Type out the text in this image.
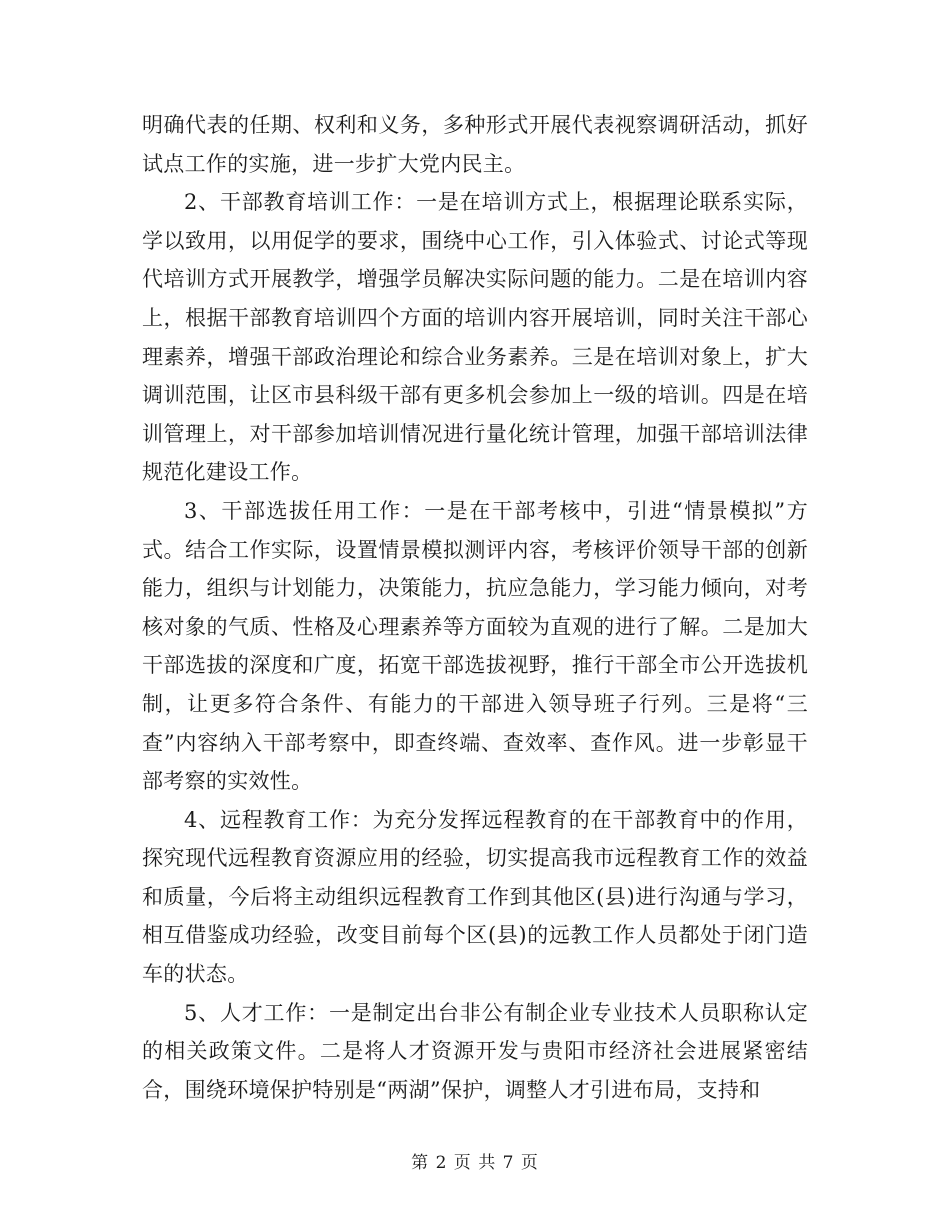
明确代表的任期、权利和义务，多种形式开展代表视察调研活动，抓好试点工作的实施，进一步扩大党内民主。

2、干部教育培训工作：一是在培训方式上，根据理论联系实际，学以致用，以用促学的要求，围绕中心工作，引入体验式、讨论式等现代培训方式开展教学，增强学员解决实际问题的能力。二是在培训内容上，根据干部教育培训四个方面的培训内容开展培训，同时关注干部心理素养，增强干部政治理论和综合业务素养。三是在培训对象上，扩大调训范围，让区市县科级干部有更多机会参加上一级的培训。四是在培训管理上，对干部参加培训情况进行量化统计管理，加强干部培训法律规范化建设工作。

3、干部选拔任用工作：一是在干部考核中，引进“情景模拟”方式。结合工作实际，设置情景模拟测评内容，考核评价领导干部的创新能力，组织与计划能力，决策能力，抗应急能力，学习能力倾向，对考核对象的气质、性格及心理素养等方面较为直观的进行了解。二是加大干部选拔的深度和广度，拓宽干部选拔视野，推行干部全市公开选拔机制，让更多符合条件、有能力的干部进入领导班子行列。三是将“三查”内容纳入干部考察中，即查终端、查效率、查作风。进一步彰显干部考察的实效性。

4、远程教育工作：为充分发挥远程教育的在干部教育中的作用，探究现代远程教育资源应用的经验，切实提高我市远程教育工作的效益和质量，今后将主动组织远程教育工作到其他区(县)进行沟通与学习，相互借鉴成功经验，改变目前每个区(县)的远教工作人员都处于闭门造车的状态。

5、人才工作：一是制定出台非公有制企业专业技术人员职称认定的相关政策文件。二是将人才资源开发与贵阳市经济社会进展紧密结合，围绕环境保护特别是“两湖”保护，调整人才引进布局，支持和

第 2 页 共 7 页
